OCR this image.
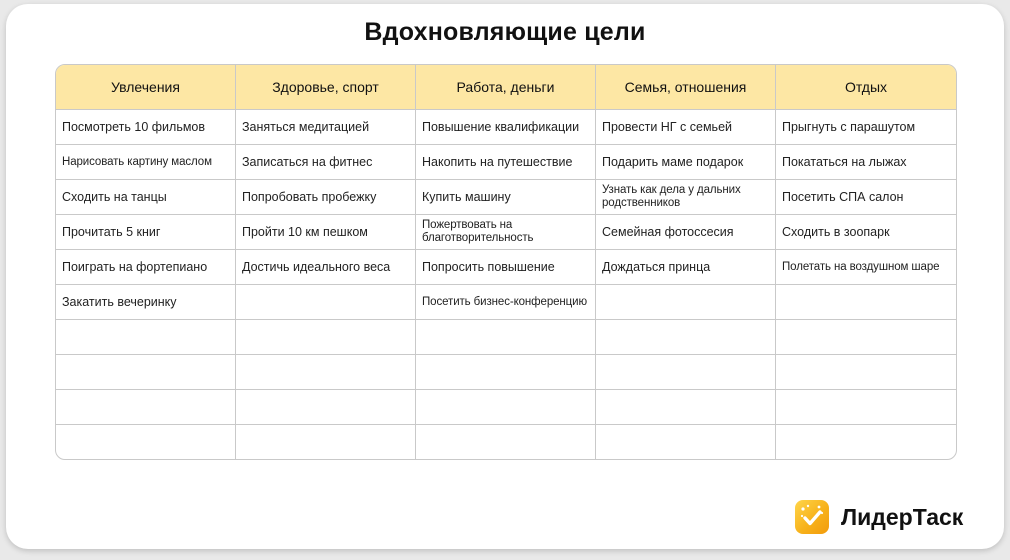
Вдохновляющие цели
Увлечения	Здоровье, спорт	Работа, деньги	Семья, отношения	Отдых
Посмотреть 10 фильмов	Заняться медитацией	Повышение квалификации	Провести НГ с семьей	Прыгнуть с парашутом
Нарисовать картину маслом	Записаться на фитнес	Накопить на путешествие	Подарить маме подарок	Покататься на лыжах
Сходить на танцы	Попробовать пробежку	Купить машину	Узнать как дела у дальних родственников	Посетить СПА салон
Прочитать 5 книг	Пройти 10 км пешком	Пожертвовать на благотворительность	Семейная фотоссесия	Сходить в зоопарк
Поиграть на фортепиано	Достичь идеального веса	Попросить повышение	Дождаться принца	Полетать на воздушном шаре
Закатить вечеринку		Посетить бизнес-конференцию		

ЛидерТаск
